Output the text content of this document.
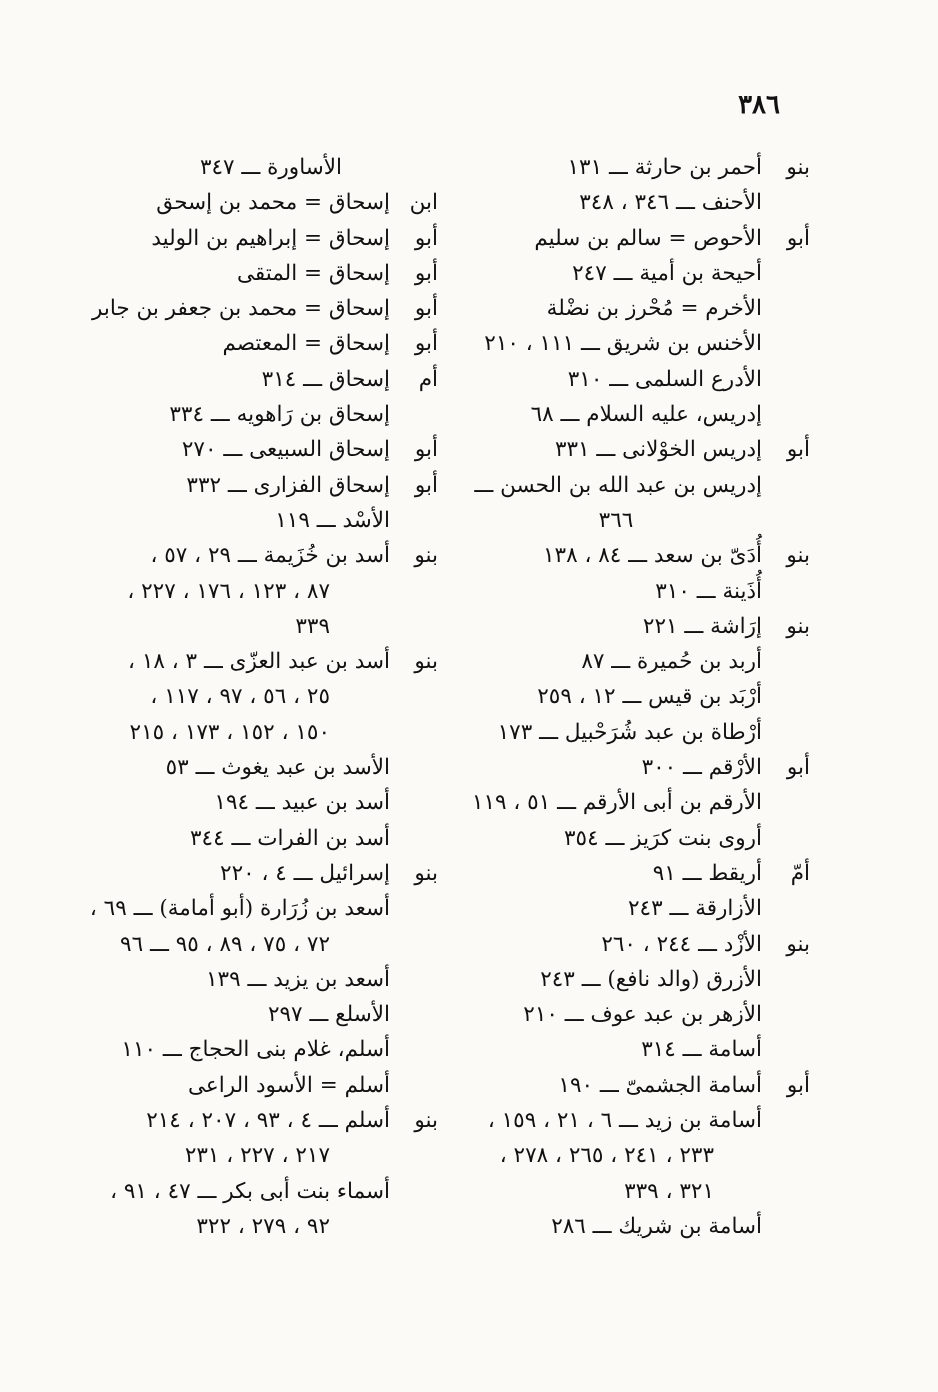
٣٨٦
بنو
أحمر بن حارثة ـــ ١٣١
الأحنف ـــ ٣٤٦ ، ٣٤٨
أبو
الأحوص = سالم بن سليم
أحيحة بن أمية ـــ ٢٤٧
الأخرم = مُحْرز بن نضْلة
الأخنس بن شريق ـــ ١١١ ، ٢١٠
الأدرع السلمى ـــ ٣١٠
إدريس، عليه السلام ـــ ٦٨
أبو
إدريس الخوْلانى ـــ ٣٣١
إدريس بن عبد الله بن الحسن ـــ
٣٦٦
بنو
أُدَىّ بن سعد ـــ ٨٤ ، ١٣٨
أُذَينة ـــ ٣١٠
بنو
إرَاشة ـــ ٢٢١
أربد بن حُميرة ـــ ٨٧
أرْبَد بن قيس ـــ ١٢ ، ٢٥٩
أرْطاة بن عبد شُرَحْبيل ـــ ١٧٣
أبو
الأرْقم ـــ ٣٠٠
الأرقم بن أبى الأرقم ـــ ٥١ ، ١١٩
أروى بنت كرَيز ـــ ٣٥٤
أمّ
أريقط ـــ ٩١
الأزارقة ـــ ٢٤٣
بنو
الأزْد ـــ ٢٤٤ ، ٢٦٠
الأزرق (والد نافع) ـــ ٢٤٣
الأزهر بن عبد عوف ـــ ٢١٠
أسامة ـــ ٣١٤
أبو
أسامة الجشمىّ ـــ ١٩٠
أسامة بن زيد ـــ ٦ ، ٢١ ، ١٥٩ ،
٢٣٣ ، ٢٤١ ، ٢٦٥ ، ٢٧٨ ،
٣٢١ ، ٣٣٩
أسامة بن شريك ـــ ٢٨٦
الأساورة ـــ ٣٤٧
ابن
إسحاق = محمد بن إسحق
أبو
إسحاق = إبراهيم بن الوليد
أبو
إسحاق = المتقى
أبو
إسحاق = محمد بن جعفر بن جابر
أبو
إسحاق = المعتصم
أم
إسحاق ـــ ٣١٤
إسحاق بن رَاهويه ـــ ٣٣٤
أبو
إسحاق السبيعى ـــ ٢٧٠
أبو
إسحاق الفزارى ـــ ٣٣٢
الأسْد ـــ ١١٩
بنو
أسد بن خُزَيمة ـــ ٢٩ ، ٥٧ ،
٨٧ ، ١٢٣ ، ١٧٦ ، ٢٢٧ ،
٣٣٩
بنو
أسد بن عبد العزّى ـــ ٣ ، ١٨ ،
٢٥ ، ٥٦ ، ٩٧ ، ١١٧ ،
١٥٠ ، ١٥٢ ، ١٧٣ ، ٢١٥
الأسد بن عبد يغوث ـــ ٥٣
أسد بن عبيد ـــ ١٩٤
أسد بن الفرات ـــ ٣٤٤
بنو
إسرائيل ـــ ٤ ، ٢٢٠
أسعد بن زُرَارة (أبو أمامة) ـــ ٦٩ ،
٧٢ ، ٧٥ ، ٨٩ ، ٩٥ ـــ ٩٦
أسعد بن يزيد ـــ ١٣٩
الأسلع ـــ ٢٩٧
أسلم، غلام بنى الحجاج ـــ ١١٠
أسلم = الأسود الراعى
بنو
أسلم ـــ ٤ ، ٩٣ ، ٢٠٧ ، ٢١٤
٢١٧ ، ٢٢٧ ، ٢٣١
أسماء بنت أبى بكر ـــ ٤٧ ، ٩١ ،
٩٢ ، ٢٧٩ ، ٣٢٢
